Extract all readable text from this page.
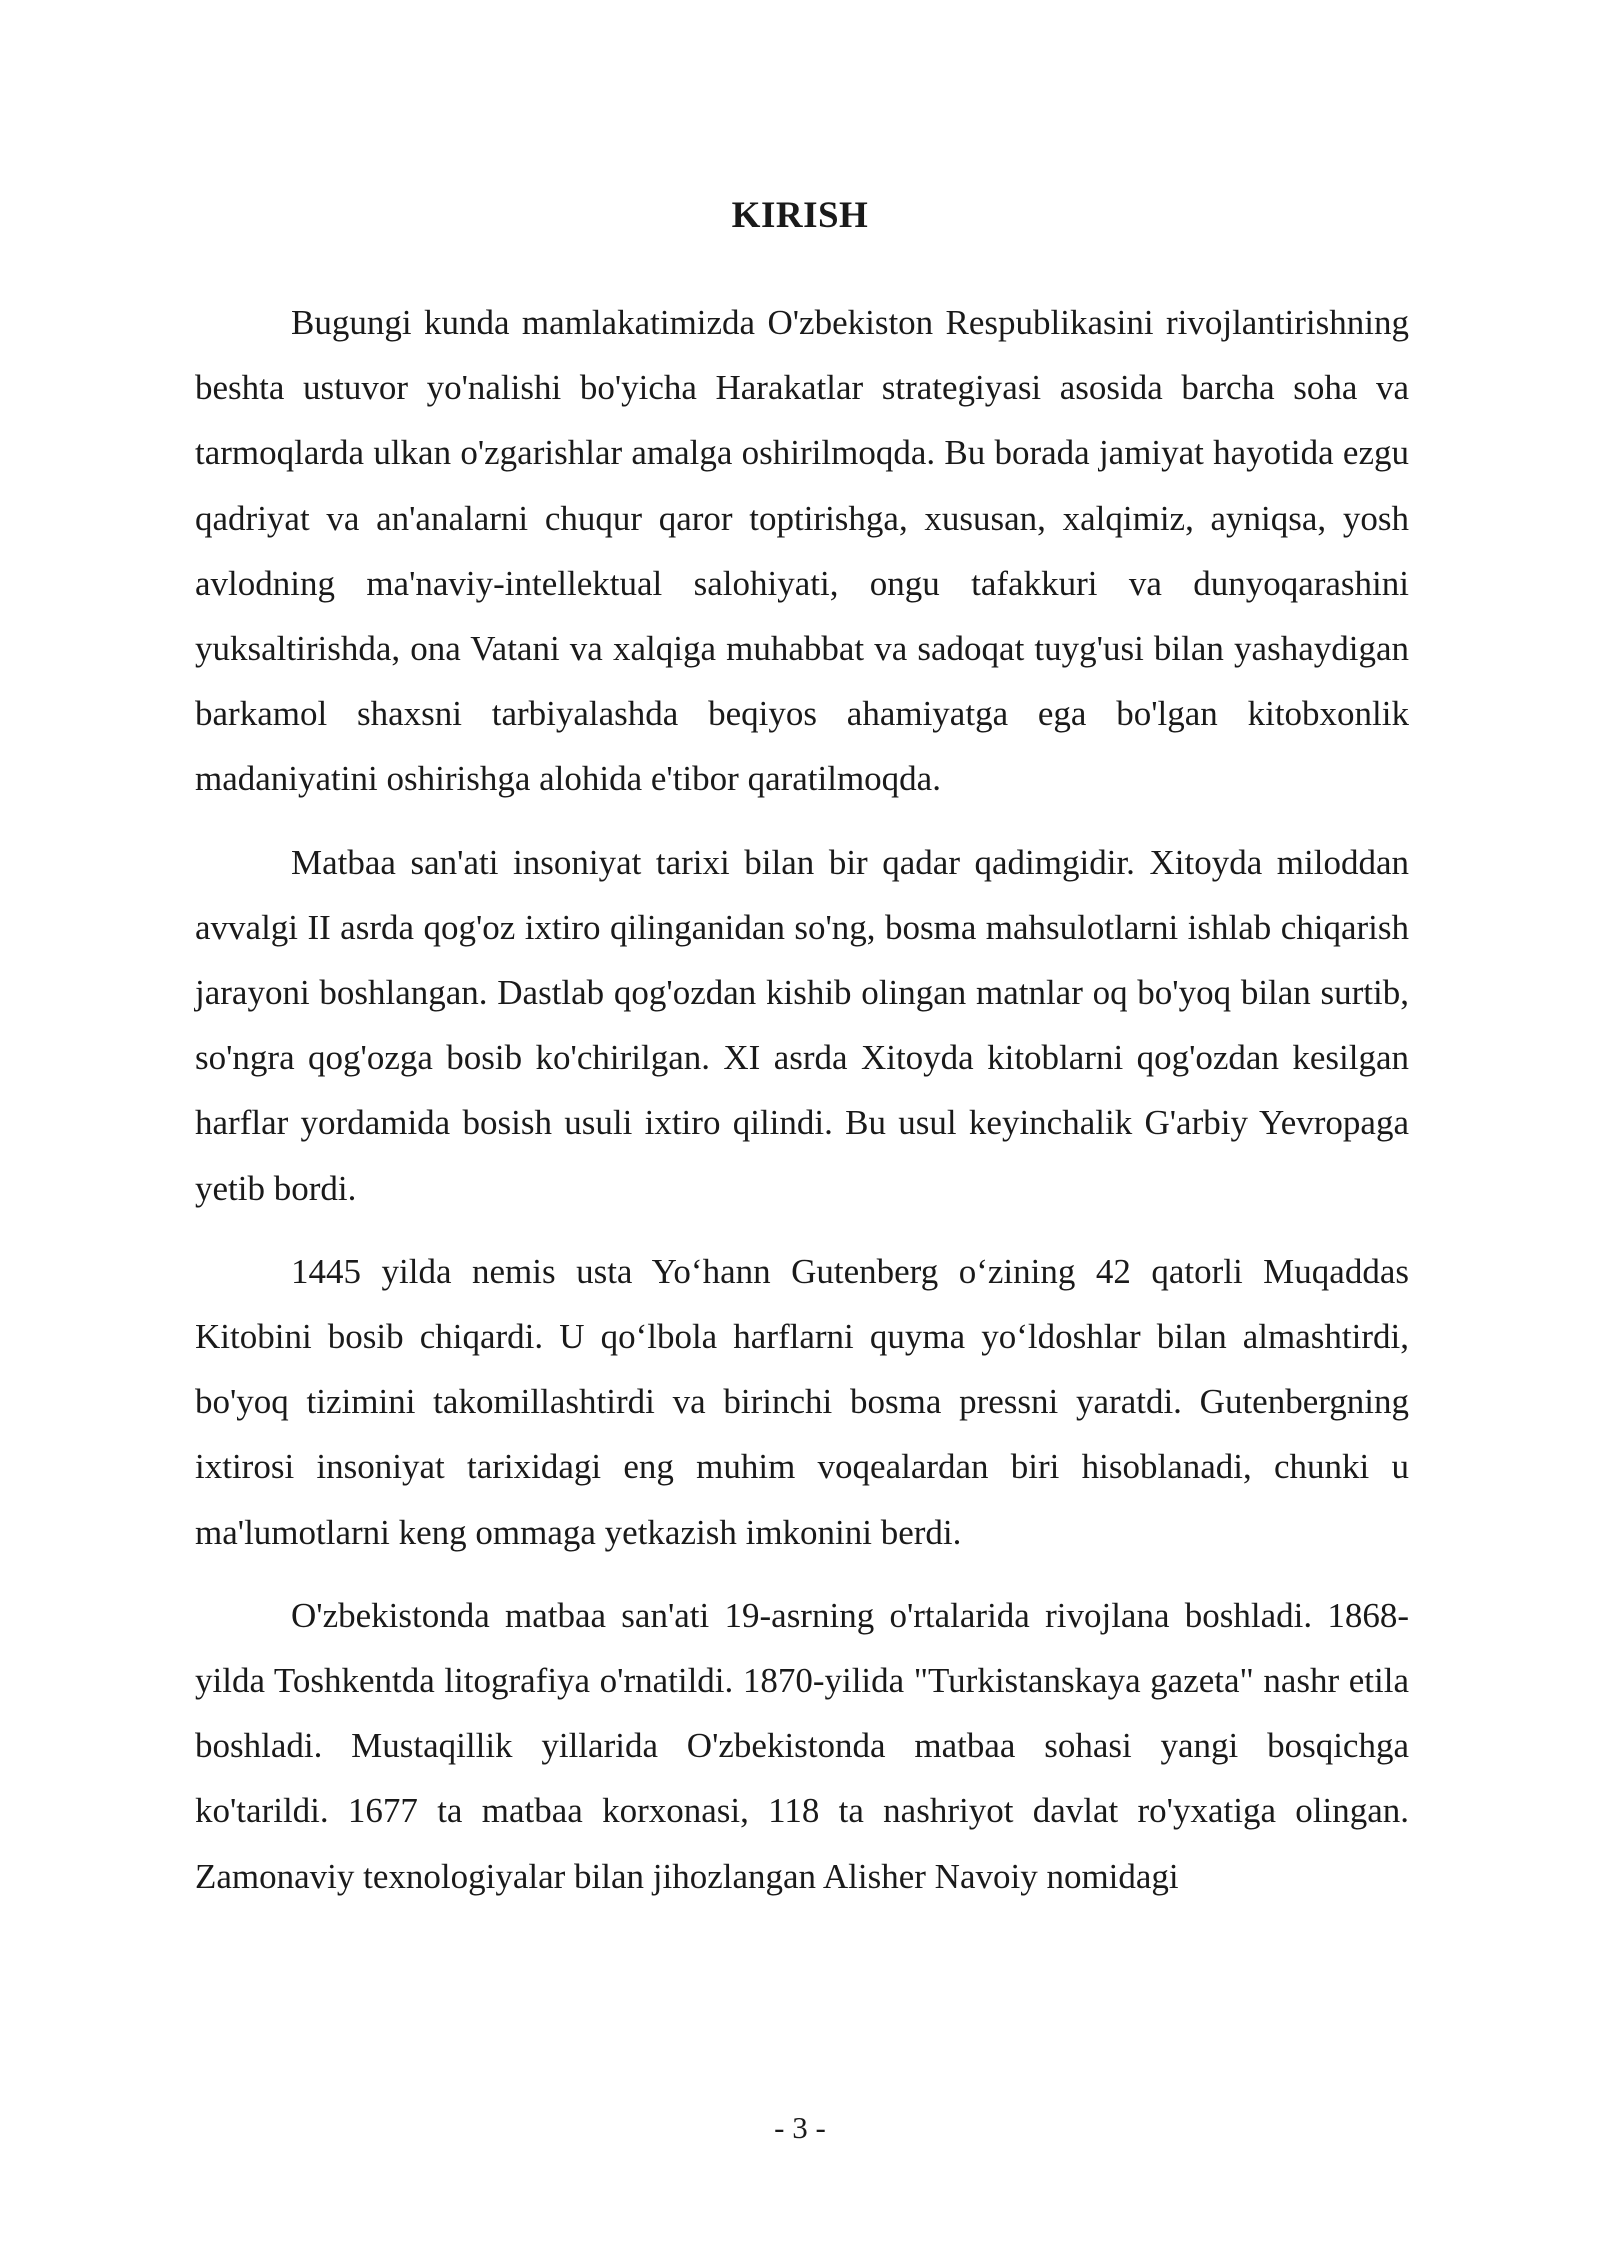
KIRISH

Bugungi kunda mamlakatimizda O'zbekiston Respublikasini rivojlantirishning beshta ustuvor yo'nalishi bo'yicha Harakatlar strategiyasi asosida barcha soha va tarmoqlarda ulkan o'zgarishlar amalga oshirilmoqda. Bu borada jamiyat hayotida ezgu qadriyat va an'analarni chuqur qaror toptirishga, xususan, xalqimiz, ayniqsa, yosh avlodning ma'naviy-intellektual salohiyati, ongu tafakkuri va dunyoqarashini yuksaltirishda, ona Vatani va xalqiga muhabbat va sadoqat tuyg'usi bilan yashaydigan barkamol shaxsni tarbiyalashda beqiyos ahamiyatga ega bo'lgan kitobxonlik madaniyatini oshirishga alohida e'tibor qaratilmoqda.

Matbaa san'ati insoniyat tarixi bilan bir qadar qadimgidir. Xitoyda miloddan avvalgi II asrda qog'oz ixtiro qilinganidan so'ng, bosma mahsulotlarni ishlab chiqarish jarayoni boshlangan. Dastlab qog'ozdan kishib olingan matnlar oq bo'yoq bilan surtib, so'ngra qog'ozga bosib ko'chirilgan. XI asrda Xitoyda kitoblarni qog'ozdan kesilgan harflar yordamida bosish usuli ixtiro qilindi. Bu usul keyinchalik G'arbiy Yevropaga yetib bordi.

1445 yilda nemis usta Yo‘hann Gutenberg o‘zining 42 qatorli Muqaddas Kitobini bosib chiqardi. U qo‘lbola harflarni quyma yo‘ldoshlar bilan almashtirdi, bo'yoq tizimini takomillashtirdi va birinchi bosma pressni yaratdi. Gutenbergning ixtirosi insoniyat tarixidagi eng muhim voqealardan biri hisoblanadi, chunki u ma'lumotlarni keng ommaga yetkazish imkonini berdi.

O'zbekistonda matbaa san'ati 19-asrning o'rtalarida rivojlana boshladi. 1868-yilda Toshkentda litografiya o'rnatildi. 1870-yilida "Turkistanskaya gazeta" nashr etila boshladi. Mustaqillik yillarida O'zbekistonda matbaa sohasi yangi bosqichga ko'tarildi. 1677 ta matbaa korxonasi, 118 ta nashriyot davlat ro'yxatiga olingan. Zamonaviy texnologiyalar bilan jihozlangan Alisher Navoiy nomidagi

- 3 -
